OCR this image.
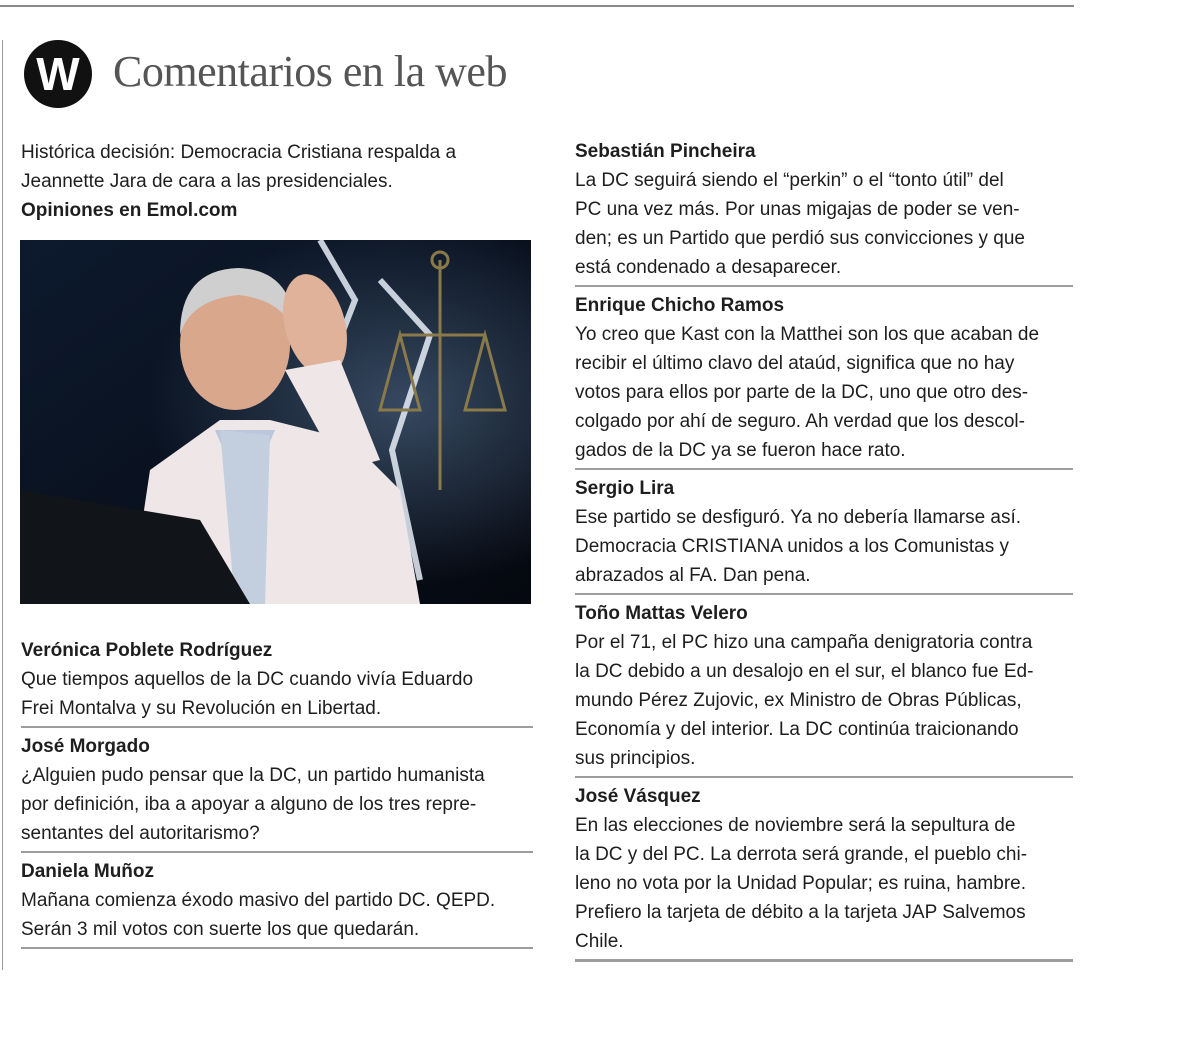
W Comentarios en la web
Histórica decisión: Democracia Cristiana respalda a
Jeannette Jara de cara a las presidenciales.
Opiniones en Emol.com
Verónica Poblete Rodríguez
Que tiempos aquellos de la DC cuando vivía Eduardo
Frei Montalva y su Revolución en Libertad.
José Morgado
¿Alguien pudo pensar que la DC, un partido humanista
por definición, iba a apoyar a alguno de los tres repre-
sentantes del autoritarismo?
Daniela Muñoz
Mañana comienza éxodo masivo del partido DC. QEPD.
Serán 3 mil votos con suerte los que quedarán.
Sebastián Pincheira
La DC seguirá siendo el “perkin” o el “tonto útil” del
PC una vez más. Por unas migajas de poder se ven-
den; es un Partido que perdió sus convicciones y que
está condenado a desaparecer.
Enrique Chicho Ramos
Yo creo que Kast con la Matthei son los que acaban de
recibir el último clavo del ataúd, significa que no hay
votos para ellos por parte de la DC, uno que otro des-
colgado por ahí de seguro. Ah verdad que los descol-
gados de la DC ya se fueron hace rato.
Sergio Lira
Ese partido se desfiguró. Ya no debería llamarse así.
Democracia CRISTIANA unidos a los Comunistas y
abrazados al FA. Dan pena.
Toño Mattas Velero
Por el 71, el PC hizo una campaña denigratoria contra
la DC debido a un desalojo en el sur, el blanco fue Ed-
mundo Pérez Zujovic, ex Ministro de Obras Públicas,
Economía y del interior. La DC continúa traicionando
sus principios.
José Vásquez
En las elecciones de noviembre será la sepultura de
la DC y del PC. La derrota será grande, el pueblo chi-
leno no vota por la Unidad Popular; es ruina, hambre.
Prefiero la tarjeta de débito a la tarjeta JAP Salvemos
Chile.
